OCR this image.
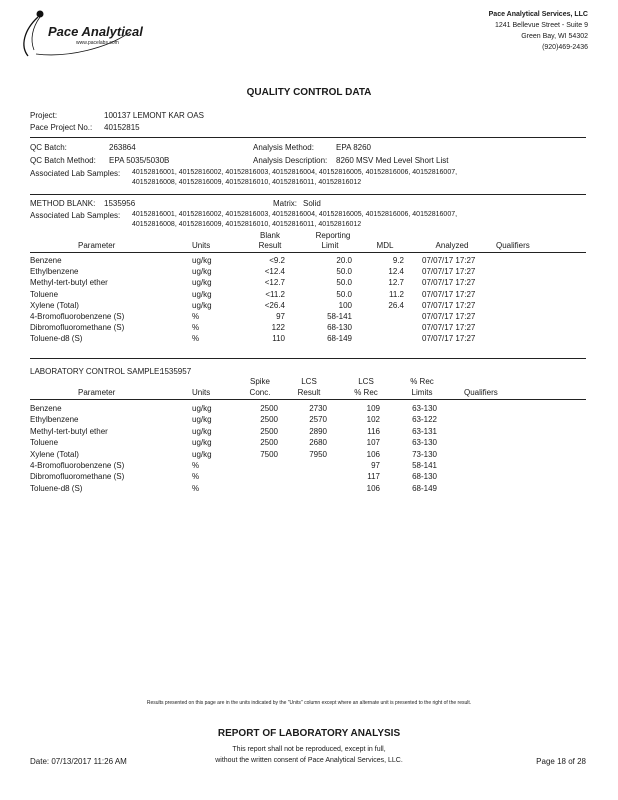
Pace Analytical
www.pacelabs.com
Pace Analytical Services, LLC
1241 Bellevue Street - Suite 9
Green Bay, WI 54302
(920)469-2436
QUALITY CONTROL DATA
Project:	100137 LEMONT KAR OAS
Pace Project No.: 40152815
QC Batch:	263864	Analysis Method:	EPA 8260
QC Batch Method: EPA 5035/5030B	Analysis Description: 8260 MSV Med Level Short List
Associated Lab Samples: 40152816001, 40152816002, 40152816003, 40152816004, 40152816005, 40152816006, 40152816007,
40152816008, 40152816009, 40152816010, 40152816011, 40152816012
METHOD BLANK: 1535956	Matrix: Solid
Associated Lab Samples: 40152816001, 40152816002, 40152816003, 40152816004, 40152816005, 40152816006, 40152816007,
40152816008, 40152816009, 40152816010, 40152816011, 40152816012
Blank	Reporting
Parameter	Units	Result	Limit	MDL	Analyzed	Qualifiers
Benzene	ug/kg	<9.2	20.0	9.2 07/07/17 17:27
Ethylbenzene	ug/kg	<12.4	50.0	12.4 07/07/17 17:27
Methyl-tert-butyl ether	ug/kg	<12.7	50.0	12.7 07/07/17 17:27
Toluene	ug/kg	<11.2	50.0	11.2 07/07/17 17:27
Xylene (Total)	ug/kg	<26.4	100	26.4 07/07/17 17:27
4-Bromofluorobenzene (S)	%	97	58-141	07/07/17 17:27
Dibromofluoromethane (S)	%	122	68-130	07/07/17 17:27
Toluene-d8 (S)	%	110	68-149	07/07/17 17:27
LABORATORY CONTROL SAMPLE:
1535957
Spike	LCS	LCS	% Rec
Parameter	Units	Conc.	Result	% Rec	Limits	Qualifiers
Benzene	ug/kg	2500	2730	109	63-130
Ethylbenzene	ug/kg	2500	2570	102	63-122
Methyl-tert-butyl ether	ug/kg	2500	2890	116	63-131
Toluene	ug/kg	2500	2680	107	63-130
Xylene (Total)	ug/kg	7500	7950	106	73-130
4-Bromofluorobenzene (S)	%	97	58-141
Dibromofluoromethane (S)	%	117	68-130
Toluene-d8 (S)	%	106	68-149
Results presented on this page are in the units indicated by the "Units" column except where an alternate unit is presented to the right of the result.
REPORT OF LABORATORY ANALYSIS
This report shall not be reproduced, except in full,
without the written consent of Pace Analytical Services, LLC.
Date: 07/13/2017 11:26 AM	Page 18 of 28
